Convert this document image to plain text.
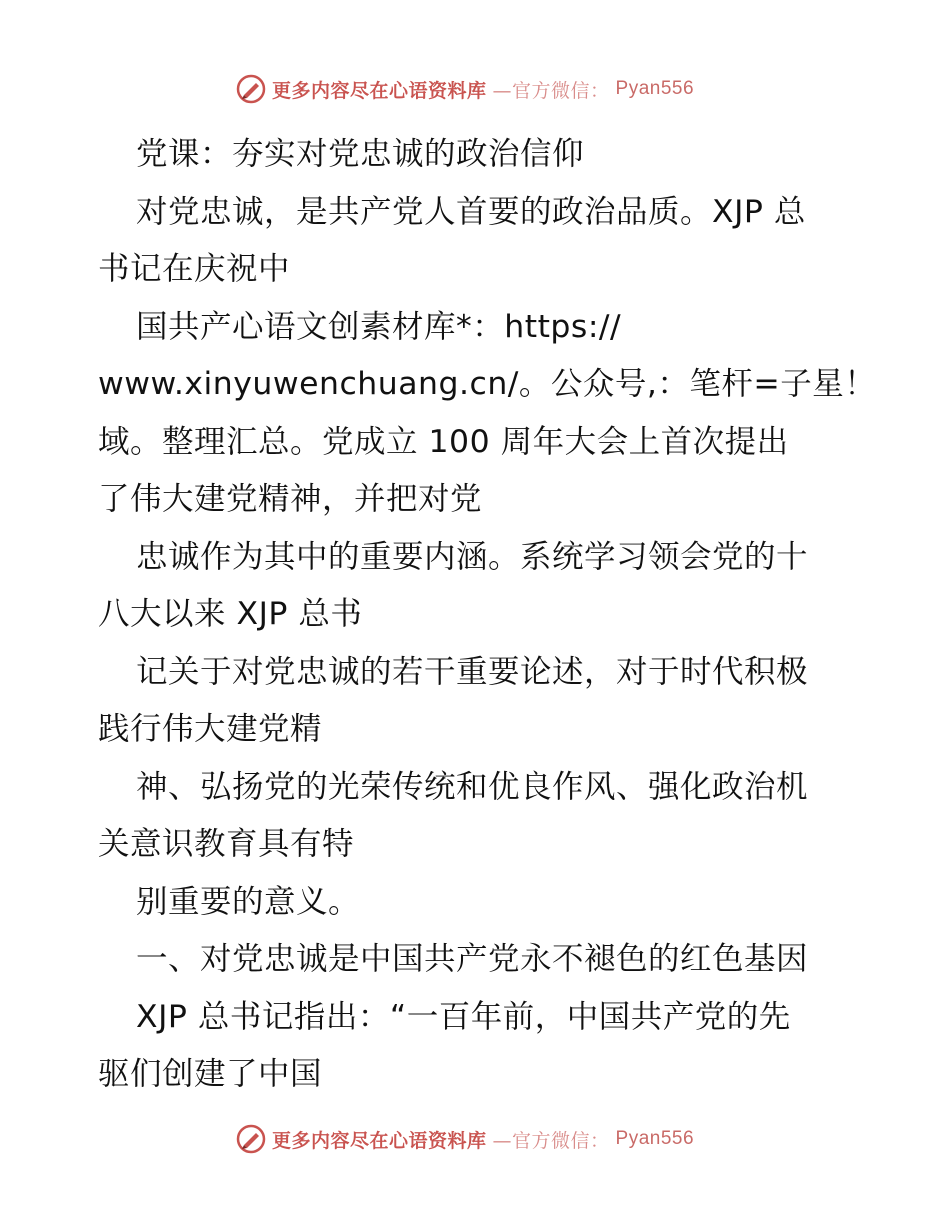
更多内容尽在心语资料库 —官方微信： Pyan556
党课：夯实对党忠诚的政治信仰
对党忠诚，是共产党人首要的政治品质。XJP 总
书记在庆祝中
国共产心语文创素材库*：https://
www.xinyuwenchuang.cn/。公众号,：笔杆=子星！
域。整理汇总。党成立 100 周年大会上首次提出
了伟大建党精神，并把对党
忠诚作为其中的重要内涵。系统学习领会党的十
八大以来 XJP 总书
记关于对党忠诚的若干重要论述，对于时代积极
践行伟大建党精
神、弘扬党的光荣传统和优良作风、强化政治机
关意识教育具有特
别重要的意义。
一、对党忠诚是中国共产党永不褪色的红色基因
XJP 总书记指出：“一百年前，中国共产党的先
驱们创建了中国
更多内容尽在心语资料库 —官方微信： Pyan556
